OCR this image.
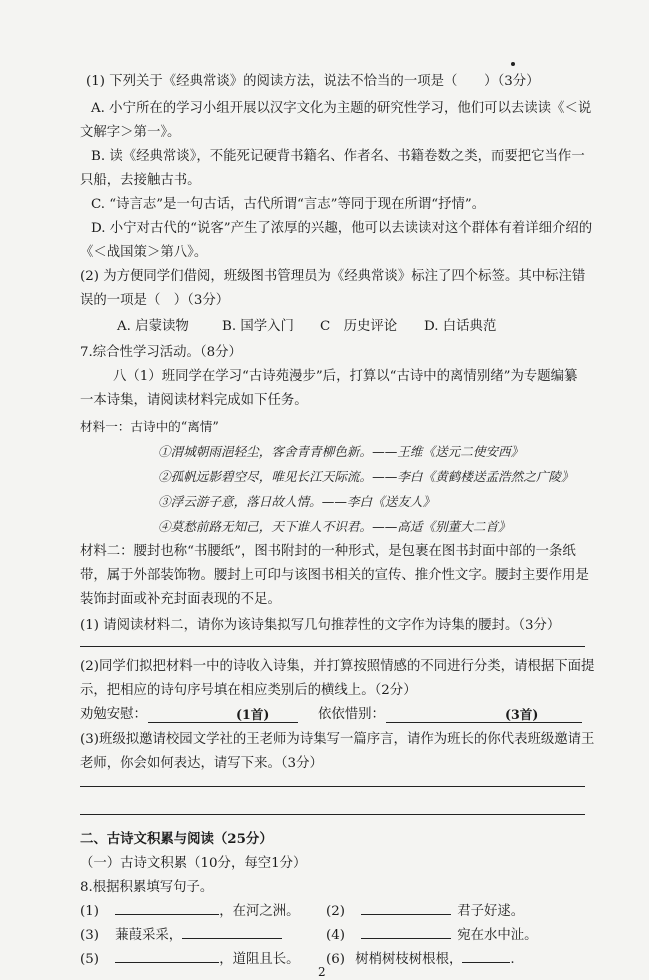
(1) 下列关于《经典常谈》的阅读方法，说法不恰当的一项是（　　）（3分）
A. 小宁所在的学习小组开展以汉字文化为主题的研究性学习，他们可以去读读《＜说
文解字＞第一》。
B. 读《经典常谈》，不能死记硬背书籍名、作者名、书籍卷数之类，而要把它当作一
只船，去接触古书。
C. “诗言志”是一句古话，古代所谓“言志”等同于现在所谓“抒情”。
D. 小宁对古代的“说客”产生了浓厚的兴趣，他可以去读读对这个群体有着详细介绍的
《＜战国策＞第八》。
(2) 为方便同学们借阅，班级图书管理员为《经典常谈》标注了四个标签。其中标注错
误的一项是（　）（3分）
A. 启蒙读物 B. 国学入门 C　历史评论 D. 白话典范
7.综合性学习活动。（8分）
八（1）班同学在学习“古诗苑漫步”后，打算以“古诗中的离情别绪”为专题编纂
一本诗集，请阅读材料完成如下任务。
材料一：古诗中的“离情”
①渭城朝雨浥轻尘，客舍青青柳色新。——王维《送元二使安西》
②孤帆远影碧空尽，唯见长江天际流。——李白《黄鹤楼送孟浩然之广陵》
③浮云游子意，落日故人情。——李白《送友人》
④莫愁前路无知己，天下谁人不识君。——高适《别董大二首》
材料二：腰封也称“书腰纸”，图书附封的一种形式，是包裹在图书封面中部的一条纸
带，属于外部装饰物。腰封上可印与该图书相关的宣传、推介性文字。腰封主要作用是
装饰封面或补充封面表现的不足。
(1) 请阅读材料二，请你为该诗集拟写几句推荐性的文字作为诗集的腰封。（3分）
(2)同学们拟把材料一中的诗收入诗集，并打算按照情感的不同进行分类，请根据下面提
示，把相应的诗句序号填在相应类别后的横线上。（2分）
劝勉安慰：	(1首)	依依惜别：	(3首)
(3)班级拟邀请校园文学社的王老师为诗集写一篇序言，请作为班长的你代表班级邀请王
老师，你会如何表达，请写下来。（3分）
二、古诗文积累与阅读（25分）
（一）古诗文积累（10分，每空1分）
8.根据积累填写句子。
(1)	，在河之洲。 (2)	君子好逑。
(3) 蒹葭采采，	(4)	宛在水中沚。
(5)	，道阻且长。 (6) 树梢树枝树根根，	.
2
